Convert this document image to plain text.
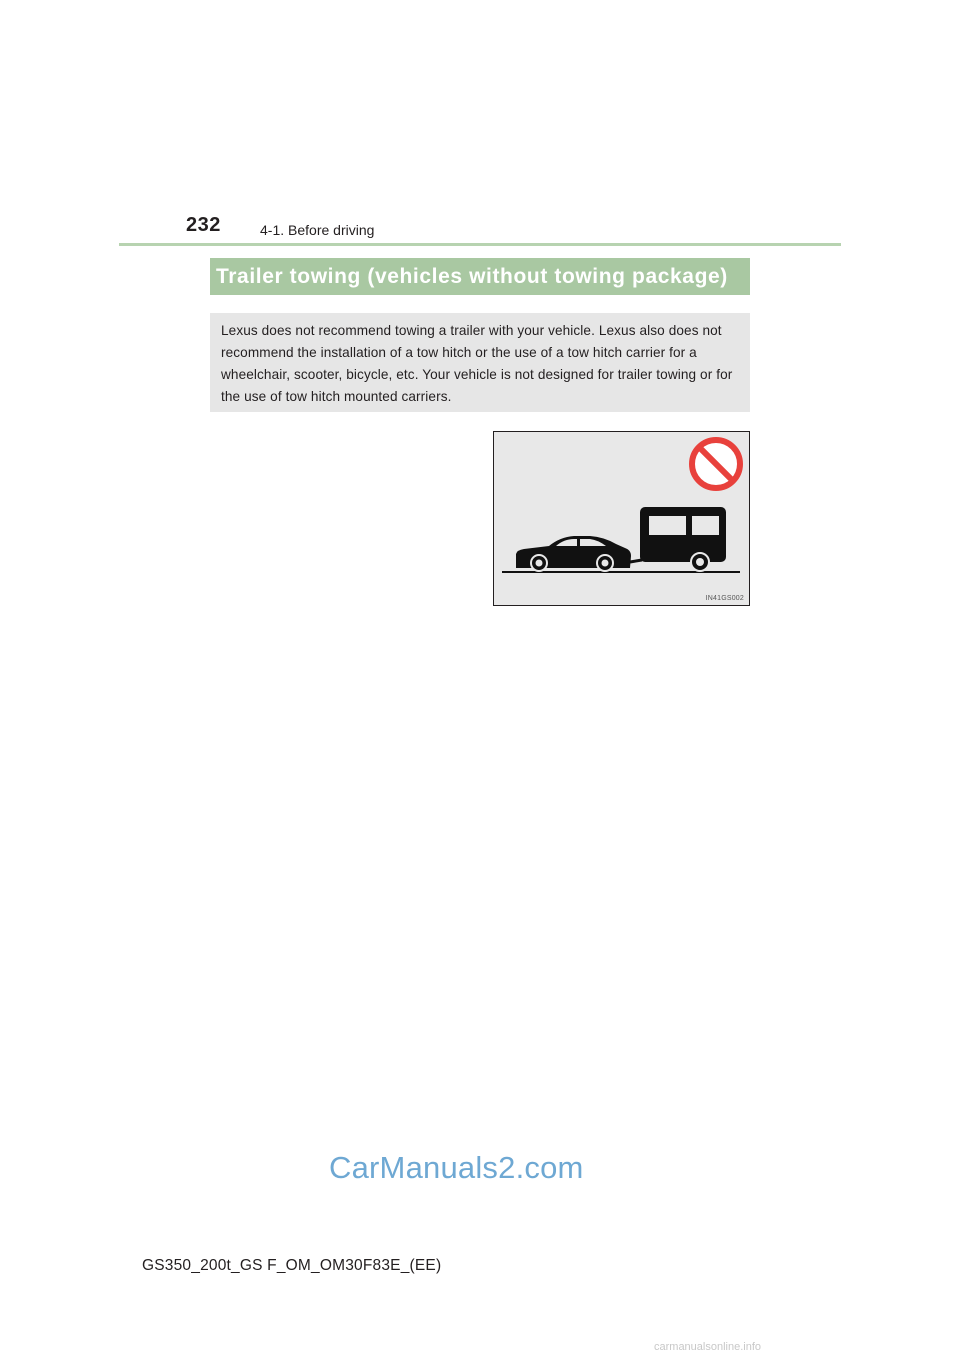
232	4-1. Before driving
Trailer towing (vehicles without towing package)

Lexus does not recommend towing a trailer with your vehicle. Lexus also does not recommend the installation of a tow hitch or the use of a tow hitch carrier for a wheelchair, scooter, bicycle, etc. Your vehicle is not designed for trailer towing or for the use of tow hitch mounted carriers.

IN41GS002
CarManuals2.com
GS350_200t_GS F_OM_OM30F83E_(EE)
carmanualsonline.info
